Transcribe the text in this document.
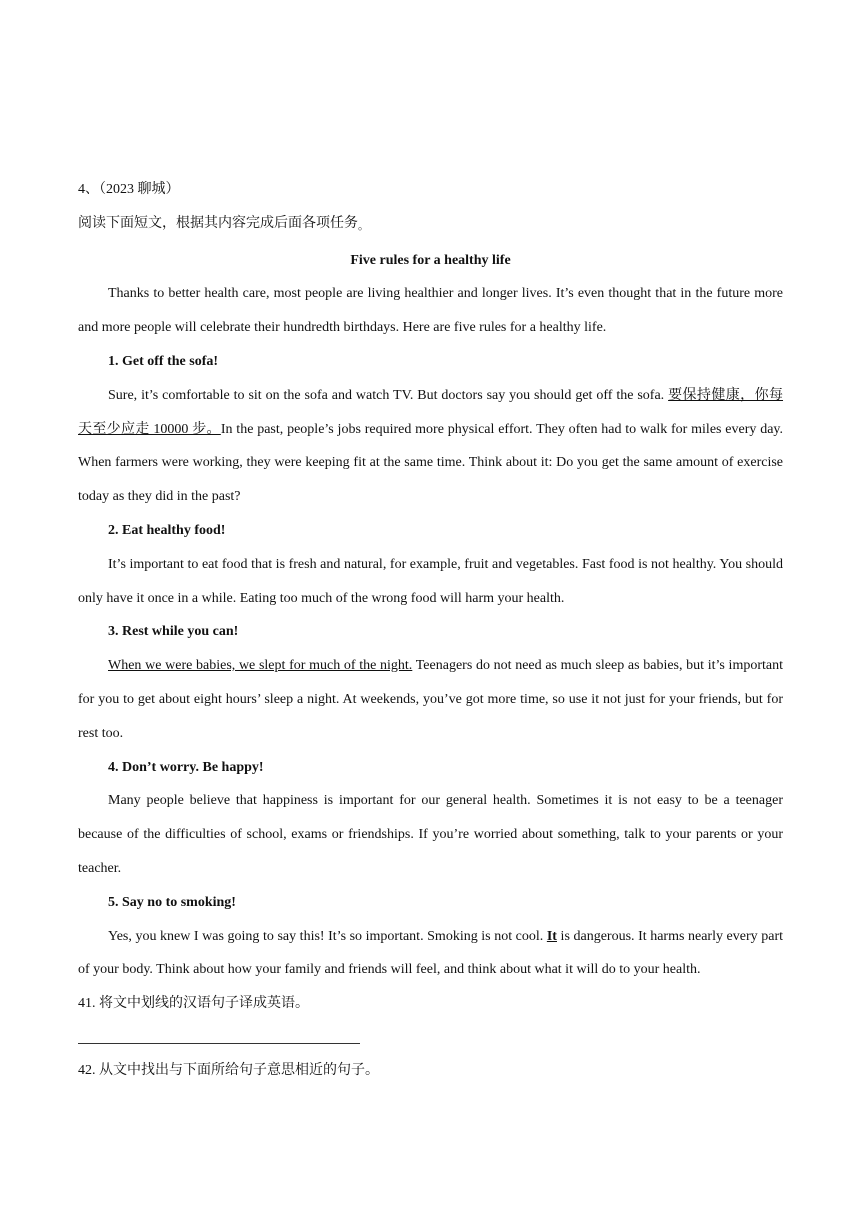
4、（2023 聊城）
阅读下面短文，根据其内容完成后面各项任务。
Five rules for a healthy life
Thanks to better health care, most people are living healthier and longer lives. It’s even thought that in the future more and more people will celebrate their hundredth birthdays. Here are five rules for a healthy life.
1. Get off the sofa!
Sure, it’s comfortable to sit on the sofa and watch TV. But doctors say you should get off the sofa. 要保持健康，你每天至少应走 10000 步。In the past, people’s jobs required more physical effort. They often had to walk for miles every day. When farmers were working, they were keeping fit at the same time. Think about it: Do you get the same amount of exercise today as they did in the past?
2. Eat healthy food!
It’s important to eat food that is fresh and natural, for example, fruit and vegetables. Fast food is not healthy. You should only have it once in a while. Eating too much of the wrong food will harm your health.
3. Rest while you can!
When we were babies, we slept for much of the night. Teenagers do not need as much sleep as babies, but it’s important for you to get about eight hours’ sleep a night. At weekends, you’ve got more time, so use it not just for your friends, but for rest too.
4. Don’t worry. Be happy!
Many people believe that happiness is important for our general health. Sometimes it is not easy to be a teenager because of the difficulties of school, exams or friendships. If you’re worried about something, talk to your parents or your teacher.
5. Say no to smoking!
Yes, you knew I was going to say this! It’s so important. Smoking is not cool. It is dangerous. It harms nearly every part of your body. Think about how your family and friends will feel, and think about what it will do to your health.
41. 将文中划线的汉语句子译成英语。
42. 从文中找出与下面所给句子意思相近的句子。
